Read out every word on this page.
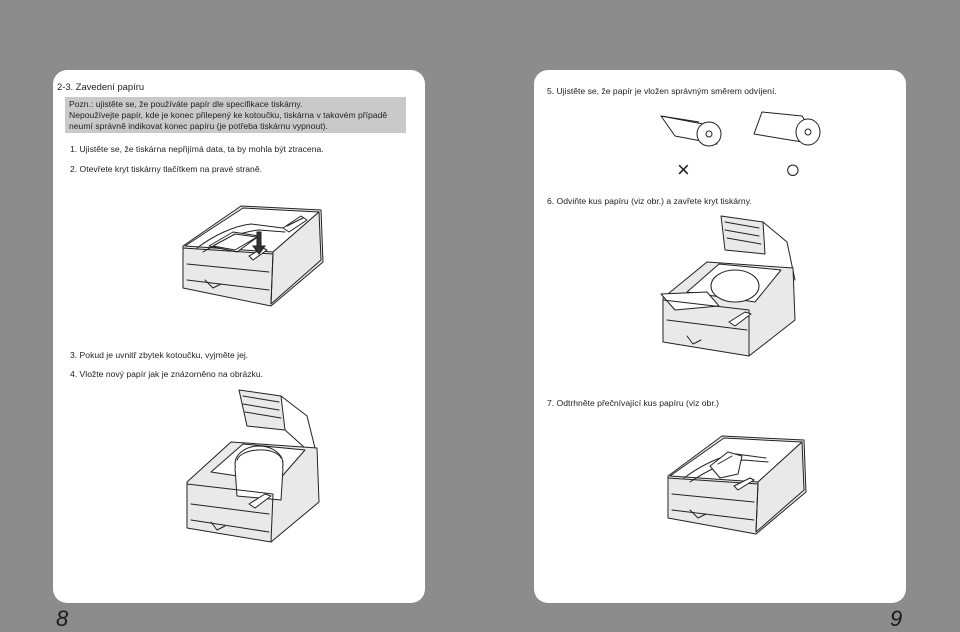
2-3. Zavedení papíru
Pozn.: ujistěte se, že používáte papír dle specifikace tiskárny.
Nepoužívejte papír, kde je konec přilepený ke kotoučku, tiskárna v takovém případě
neumí správně indikovat konec papíru (je potřeba tiskárnu vypnout).
1. Ujistěte se, že tiskárna nepřijímá data, ta by mohla být ztracena.
2. Otevřete kryt tiskárny tlačítkem na pravé straně.
3. Pokud je uvnitř zbytek kotoučku, vyjměte jej.
4. Vložte nový papír jak je znázorněno na obrázku.
8
5. Ujistěte se, že papír je vložen správným směrem odvíjení.
×	○
6. Odviňte kus papíru (viz obr.) a zavřete kryt tiskárny.
7. Odtrhněte přečnívající kus papíru (viz obr.)
9
